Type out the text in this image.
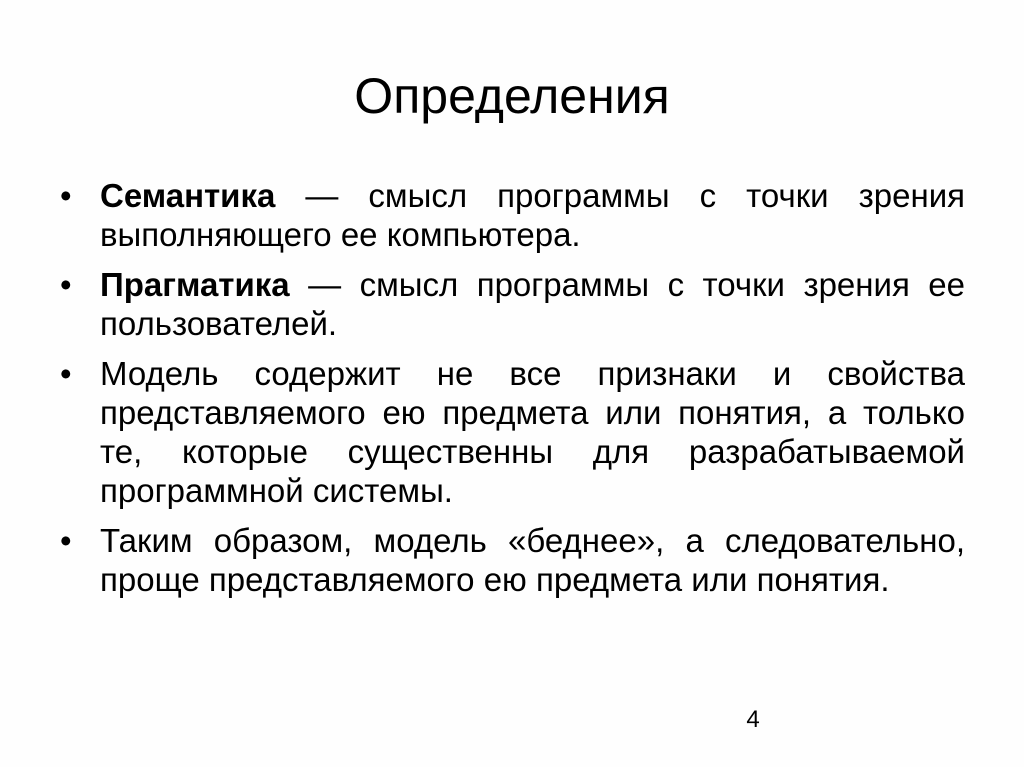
Определения
• Семантика — смысл программы с точки зрения выполняющего ее компьютера.
• Прагматика — смысл программы с точки зрения ее пользователей.
• Модель содержит не все признаки и свойства представляемого ею предмета или понятия, а только те, которые существенны для разрабатываемой программной системы.
• Таким образом, модель «беднее», а следовательно, проще представляемого ею предмета или понятия.
4
